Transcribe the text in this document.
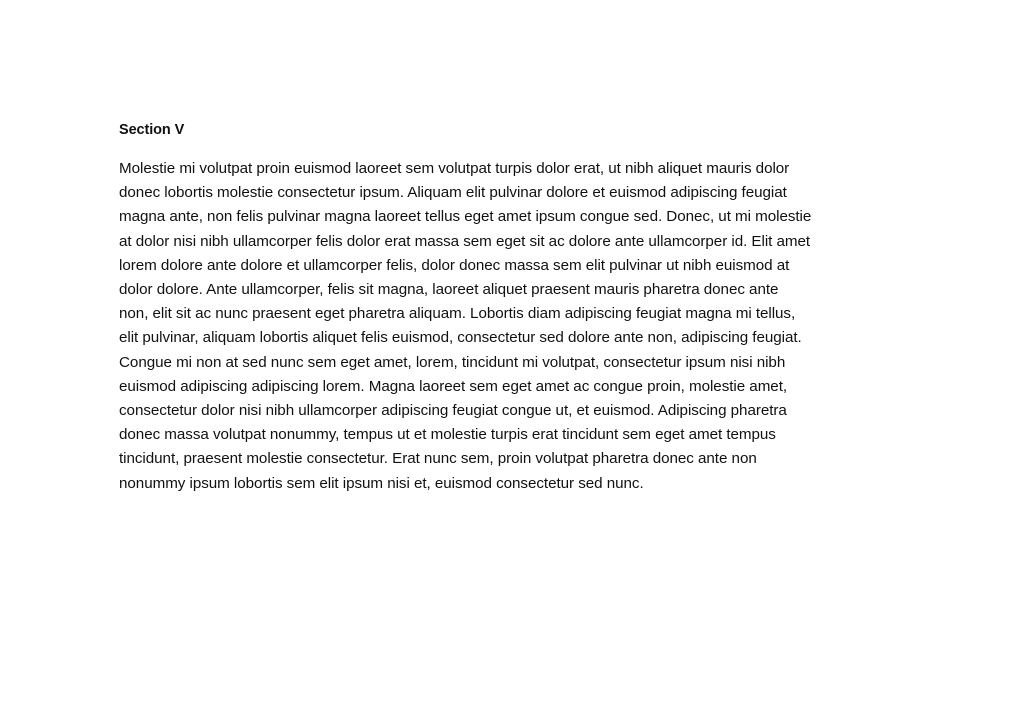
Section V

Molestie mi volutpat proin euismod laoreet sem volutpat turpis dolor erat, ut nibh aliquet mauris dolor
donec lobortis molestie consectetur ipsum. Aliquam elit pulvinar dolore et euismod adipiscing feugiat
magna ante, non felis pulvinar magna laoreet tellus eget amet ipsum congue sed. Donec, ut mi molestie
at dolor nisi nibh ullamcorper felis dolor erat massa sem eget sit ac dolore ante ullamcorper id. Elit amet
lorem dolore ante dolore et ullamcorper felis, dolor donec massa sem elit pulvinar ut nibh euismod at
dolor dolore. Ante ullamcorper, felis sit magna, laoreet aliquet praesent mauris pharetra donec ante
non, elit sit ac nunc praesent eget pharetra aliquam. Lobortis diam adipiscing feugiat magna mi tellus,
elit pulvinar, aliquam lobortis aliquet felis euismod, consectetur sed dolore ante non, adipiscing feugiat.
Congue mi non at sed nunc sem eget amet, lorem, tincidunt mi volutpat, consectetur ipsum nisi nibh
euismod adipiscing adipiscing lorem. Magna laoreet sem eget amet ac congue proin, molestie amet,
consectetur dolor nisi nibh ullamcorper adipiscing feugiat congue ut, et euismod. Adipiscing pharetra
donec massa volutpat nonummy, tempus ut et molestie turpis erat tincidunt sem eget amet tempus
tincidunt, praesent molestie consectetur. Erat nunc sem, proin volutpat pharetra donec ante non
nonummy ipsum lobortis sem elit ipsum nisi et, euismod consectetur sed nunc.
